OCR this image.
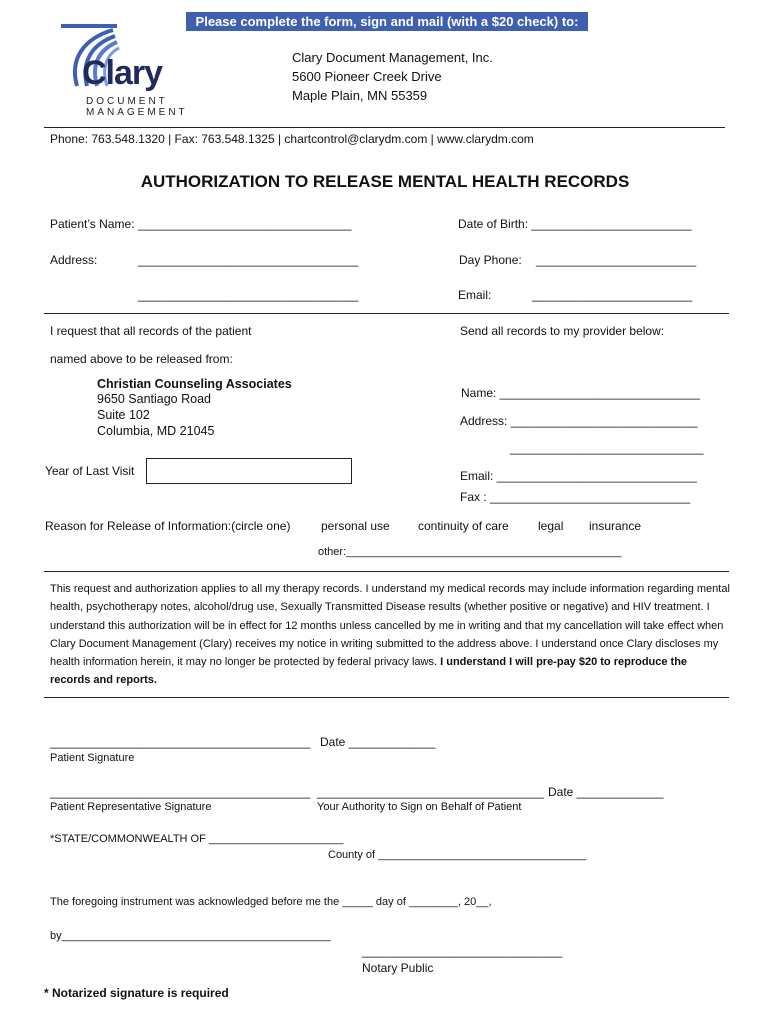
Please complete the form, sign and mail (with a $20 check) to:
Clary
DOCUMENT
MANAGEMENT
Clary Document Management, Inc.
5600 Pioneer Creek Drive
Maple Plain, MN 55359
Phone: 763.548.1320 | Fax: 763.548.1325 | chartcontrol@clarydm.com | www.clarydm.com
AUTHORIZATION TO RELEASE MENTAL HEALTH RECORDS
Patient’s Name: ________________________________	Date of Birth: ________________________
Address:	_________________________________	Day Phone: ________________________
_________________________________	Email:	________________________
I request that all records of the patient	Send all records to my provider below:
named above to be released from:
Christian Counseling Associates
9650 Santiago Road
Suite 102
Columbia, MD 21045
Name: ______________________________
Address: ____________________________
_____________________________
Email: ______________________________
Fax : ______________________________
Year of Last Visit
Reason for Release of Information:(circle one)	personal use continuity of care legal insurance
other:_____________________________________________
This request and authorization applies to all my therapy records. I understand my medical records may include information regarding mental health, psychotherapy notes, alcohol/drug use, Sexually Transmitted Disease results (whether positive or negative) and HIV treatment. I understand this authorization will be in effect for 12 months unless cancelled by me in writing and that my cancellation will take effect when Clary Document Management (Clary) receives my notice in writing submitted to the address above. I understand once Clary discloses my health information herein, it may no longer be protected by federal privacy laws. I understand I will pre-pay $20 to reproduce the records and reports.
_______________________________________ Date _____________
Patient Signature
_______________________________________ __________________________________ Date _____________
Patient Representative Signature	Your Authority to Sign on Behalf of Patient
*STATE/COMMONWEALTH OF ______________________
County of __________________________________
The foregoing instrument was acknowledged before me the _____ day of ________, 20__,
by____________________________________________
______________________________
Notary Public
* Notarized signature is required
